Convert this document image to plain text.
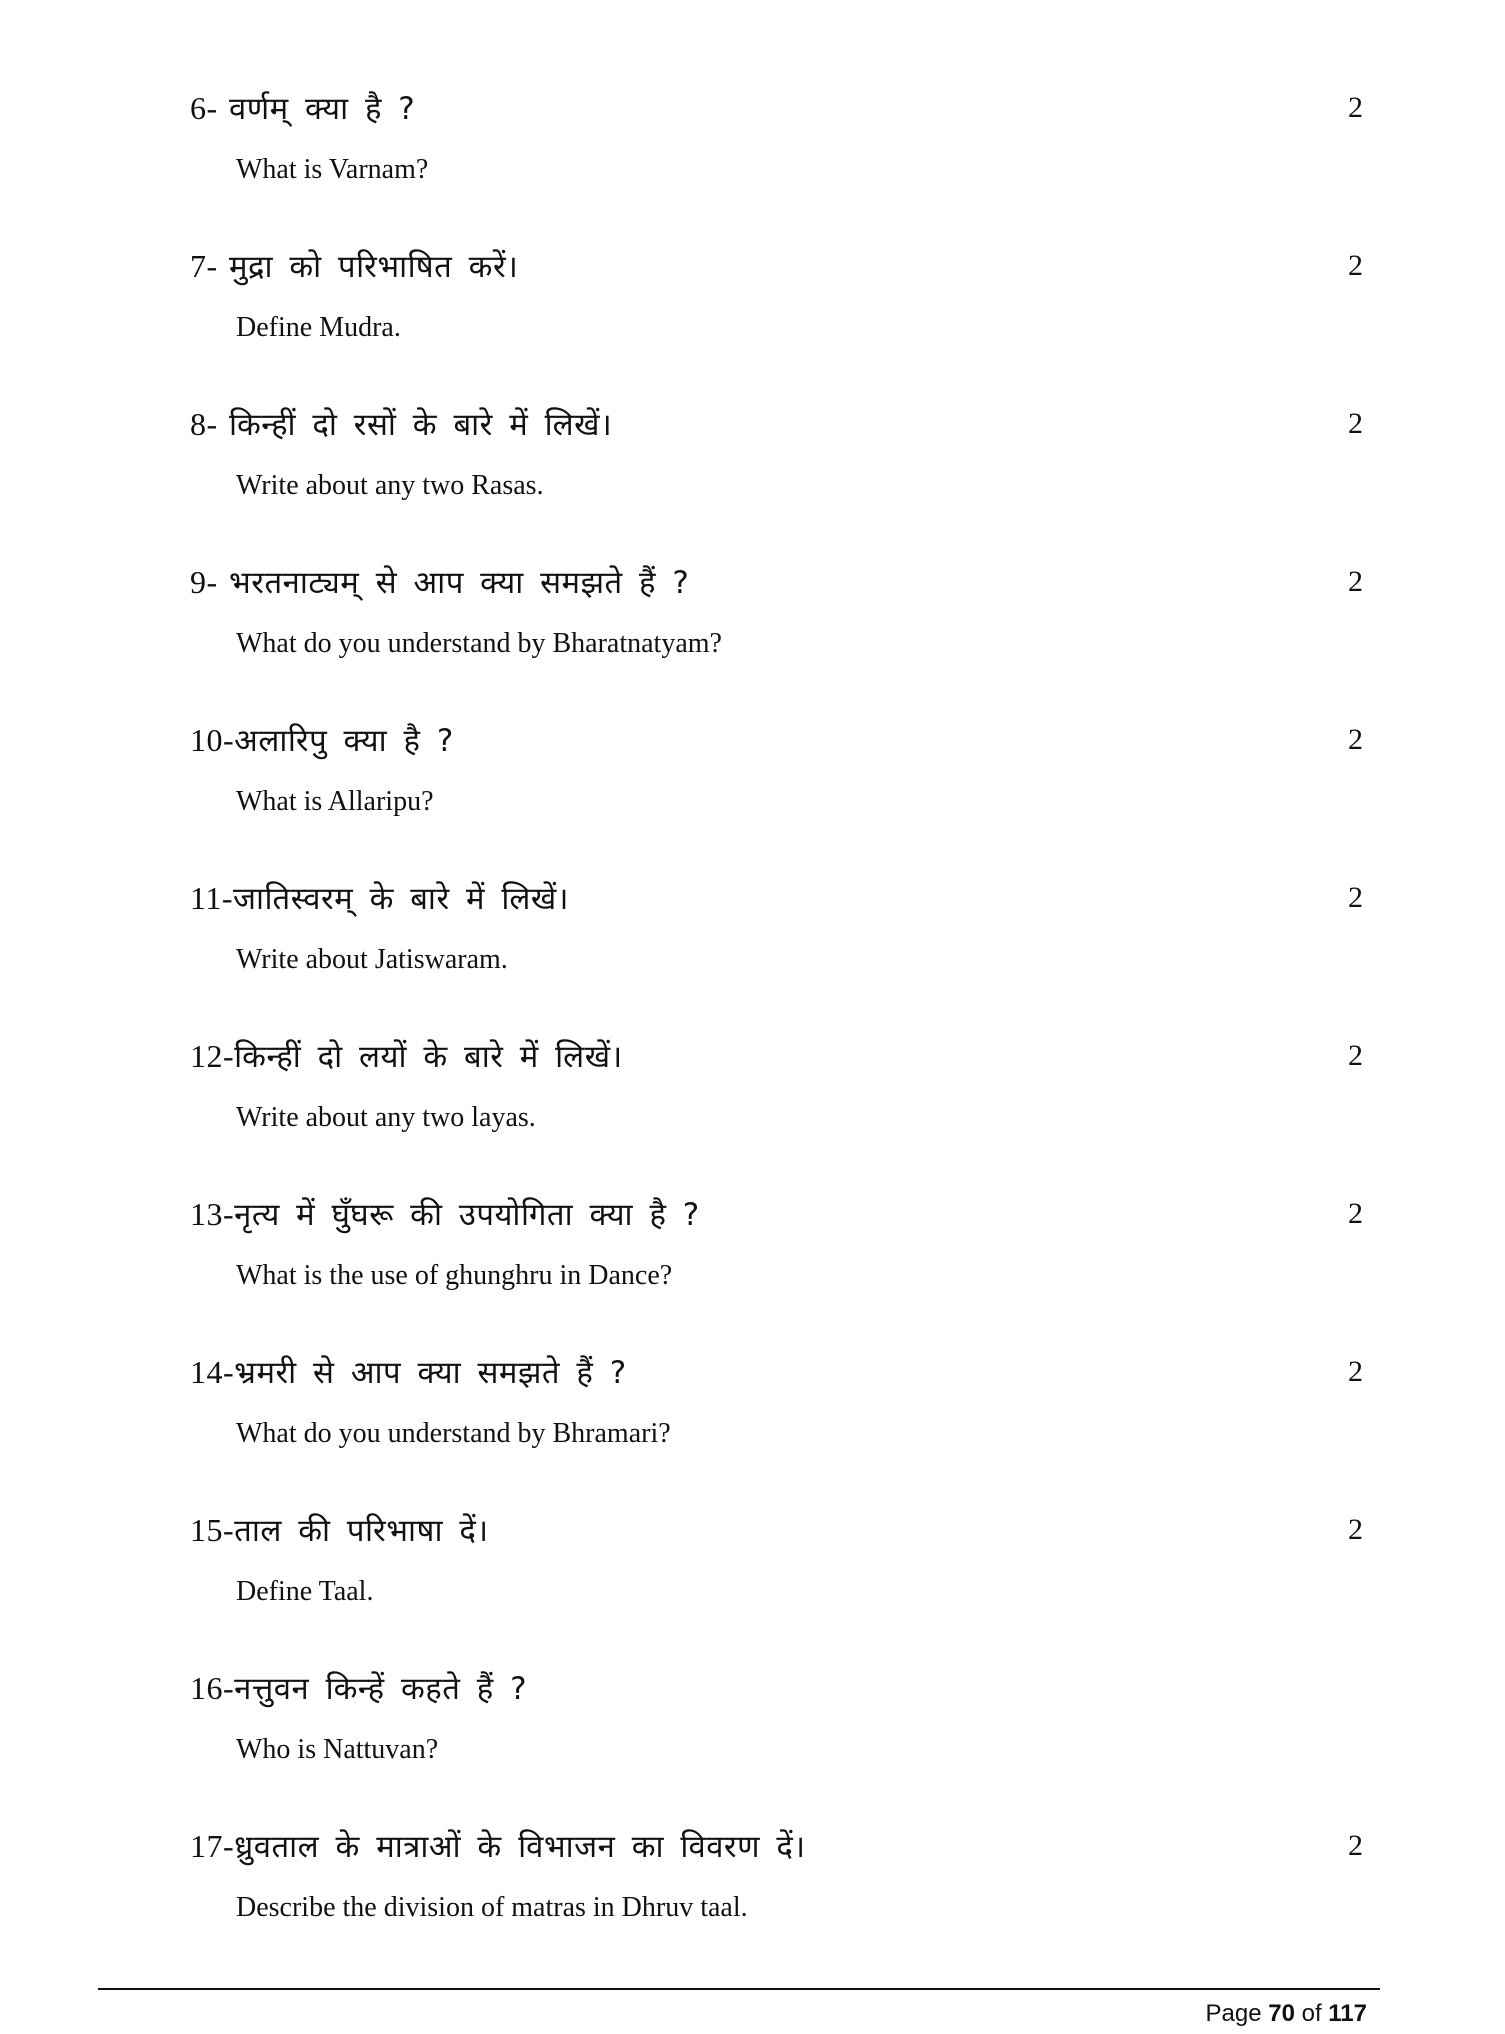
6- वर्णम् क्या है ?	2
What is Varnam?
7- मुद्रा को परिभाषित करें।	2
Define Mudra.
8- किन्हीं दो रसों के बारे में लिखें।	2
Write about any two Rasas.
9- भरतनाट्यम् से आप क्या समझते हैं ?	2
What do you understand by Bharatnatyam?
10-अलारिपु क्या है ?	2
What is Allaripu?
11-जातिस्वरम् के बारे में लिखें।	2
Write about Jatiswaram.
12-किन्हीं दो लयों के बारे में लिखें।	2
Write about any two layas.
13-नृत्य में घुँघरू की उपयोगिता क्या है ?	2
What is the use of ghunghru in Dance?
14-भ्रमरी से आप क्या समझते हैं ?	2
What do you understand by Bhramari?
15-ताल की परिभाषा दें।	2
Define Taal.
16-नत्तुवन किन्हें कहते हैं ?
Who is Nattuvan?
17-ध्रुवताल के मात्राओं के विभाजन का विवरण दें।	2
Describe the division of matras in Dhruv taal.
Page 70 of 117
